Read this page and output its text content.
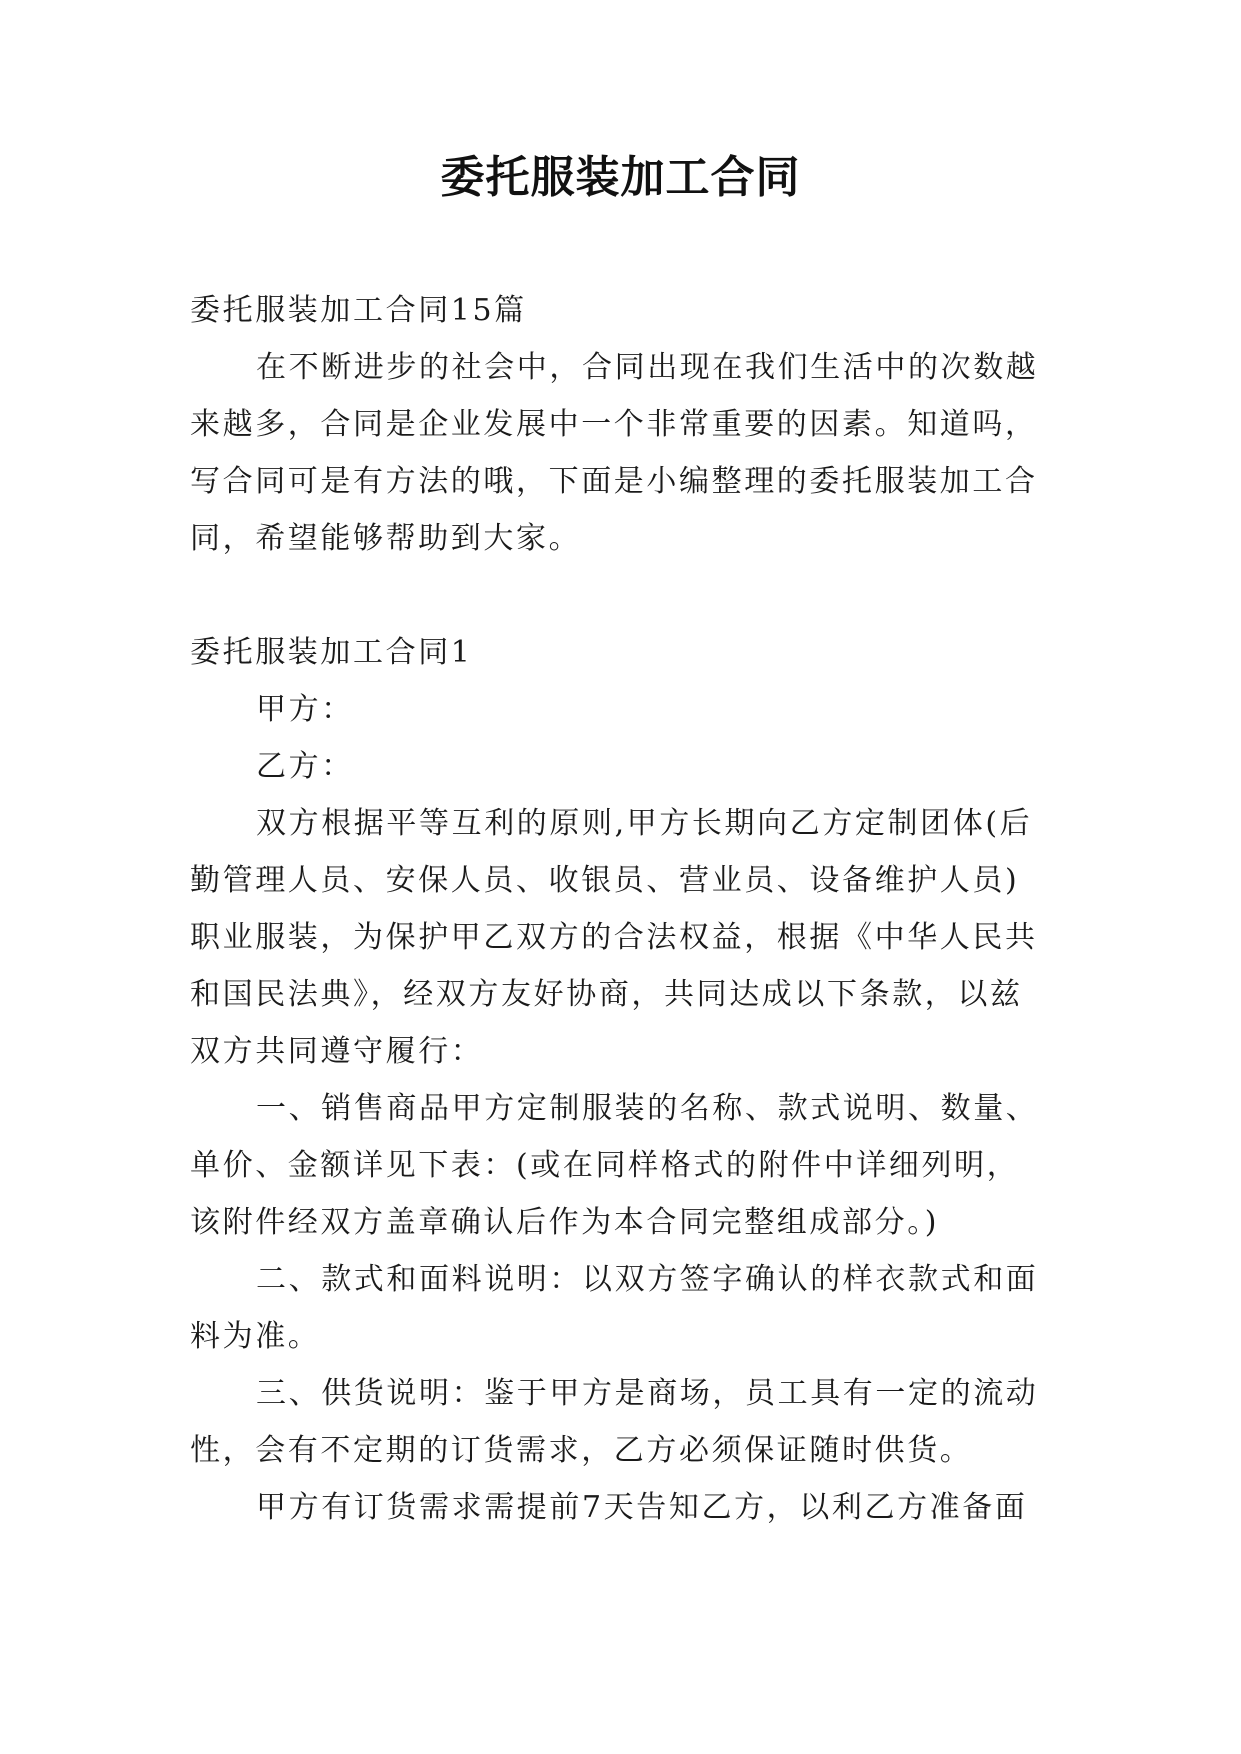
委托服装加工合同
委托服装加工合同15篇
在不断进步的社会中，合同出现在我们生活中的次数越
来越多，合同是企业发展中一个非常重要的因素。知道吗，
写合同可是有方法的哦，下面是小编整理的委托服装加工合
同，希望能够帮助到大家。
委托服装加工合同1
甲方：
乙方：
双方根据平等互利的原则,甲方长期向乙方定制团体(后
勤管理人员、安保人员、收银员、营业员、设备维护人员)
职业服装，为保护甲乙双方的合法权益，根据《中华人民共
和国民法典》，经双方友好协商，共同达成以下条款，以兹
双方共同遵守履行：
一、销售商品甲方定制服装的名称、款式说明、数量、
单价、金额详见下表：(或在同样格式的附件中详细列明，
该附件经双方盖章确认后作为本合同完整组成部分。)
二、款式和面料说明：以双方签字确认的样衣款式和面
料为准。
三、供货说明：鉴于甲方是商场，员工具有一定的流动
性，会有不定期的订货需求，乙方必须保证随时供货。
甲方有订货需求需提前7天告知乙方，以利乙方准备面
